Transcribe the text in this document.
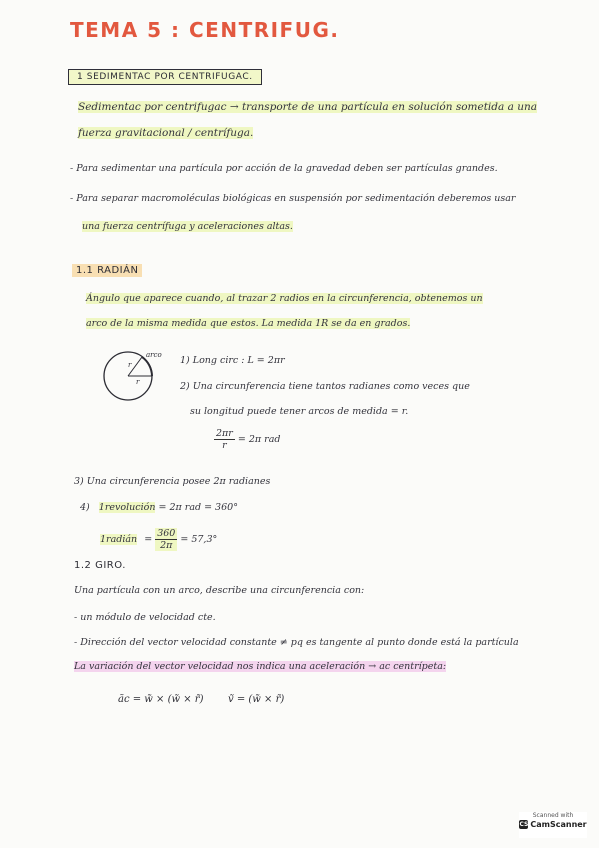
TEMA 5 : CENTRIFUG.
1 SEDIMENTAC POR CENTRIFUGAC.
Sedimentac por centrifugac → transporte de una partícula en solución sometida a una
fuerza gravitacional / centrífuga.
- Para sedimentar una partícula por acción de la gravedad deben ser partículas grandes.
- Para separar macromoléculas biológicas en suspensión por sedimentación deberemos usar
una fuerza centrífuga y aceleraciones altas.
1.1 RADIÁN
Ángulo que aparece cuando, al trazar 2 radios en la circunferencia, obtenemos un
arco de la misma medida que estos. La medida 1R se da en grados.
arco
r
r
1) Long circ : L = 2πr
2) Una circunferencia tiene tantos radianes como veces que
su longitud puede tener arcos de medida = r.
$\frac{2\pi r}{r} = 2\pi$ rad
3) Una circunferencia posee 2π radianes
4) 1revolución = 2π rad = 360°
1radián = $\frac{360}{2\pi} = 57,3^\circ$
1.2 GIRO.
Una partícula con un arco, describe una circunferencia con:
- un módulo de velocidad cte.
- Dirección del vector velocidad constante ≠ pq es tangente al punto donde está la partícula
La variación del vector velocidad nos indica una aceleración → ac centrípeta:
ãc = w̃ × (w̃ × r̃) ṽ = (w̃ × r̃)
Scanned with
CS CamScanner
